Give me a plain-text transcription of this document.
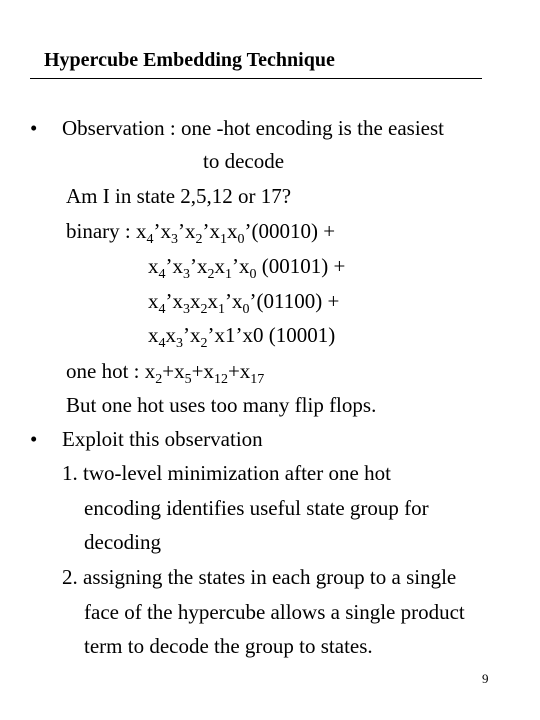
Hypercube Embedding Technique
• Observation : one -hot encoding is the easiest
to decode
Am I in state 2,5,12 or 17?
binary : $x_4’x_3’x_2’x_1x_0’(00010)$ +
$x_4’x_3’x_2x_1’x_0$ (00101) +
$x_4’x_3x_2x_1’x_0’(01100)$ +
$x_4x_3’x_2’x1’x0$ (10001)
one hot : $x_2+x_5+x_{12}+x_{17}$
But one hot uses too many flip flops.
• Exploit this observation
1. two-level minimization after one hot
encoding identifies useful state group for
decoding
2. assigning the states in each group to a single
face of the hypercube allows a single product
term to decode the group to states.
9
